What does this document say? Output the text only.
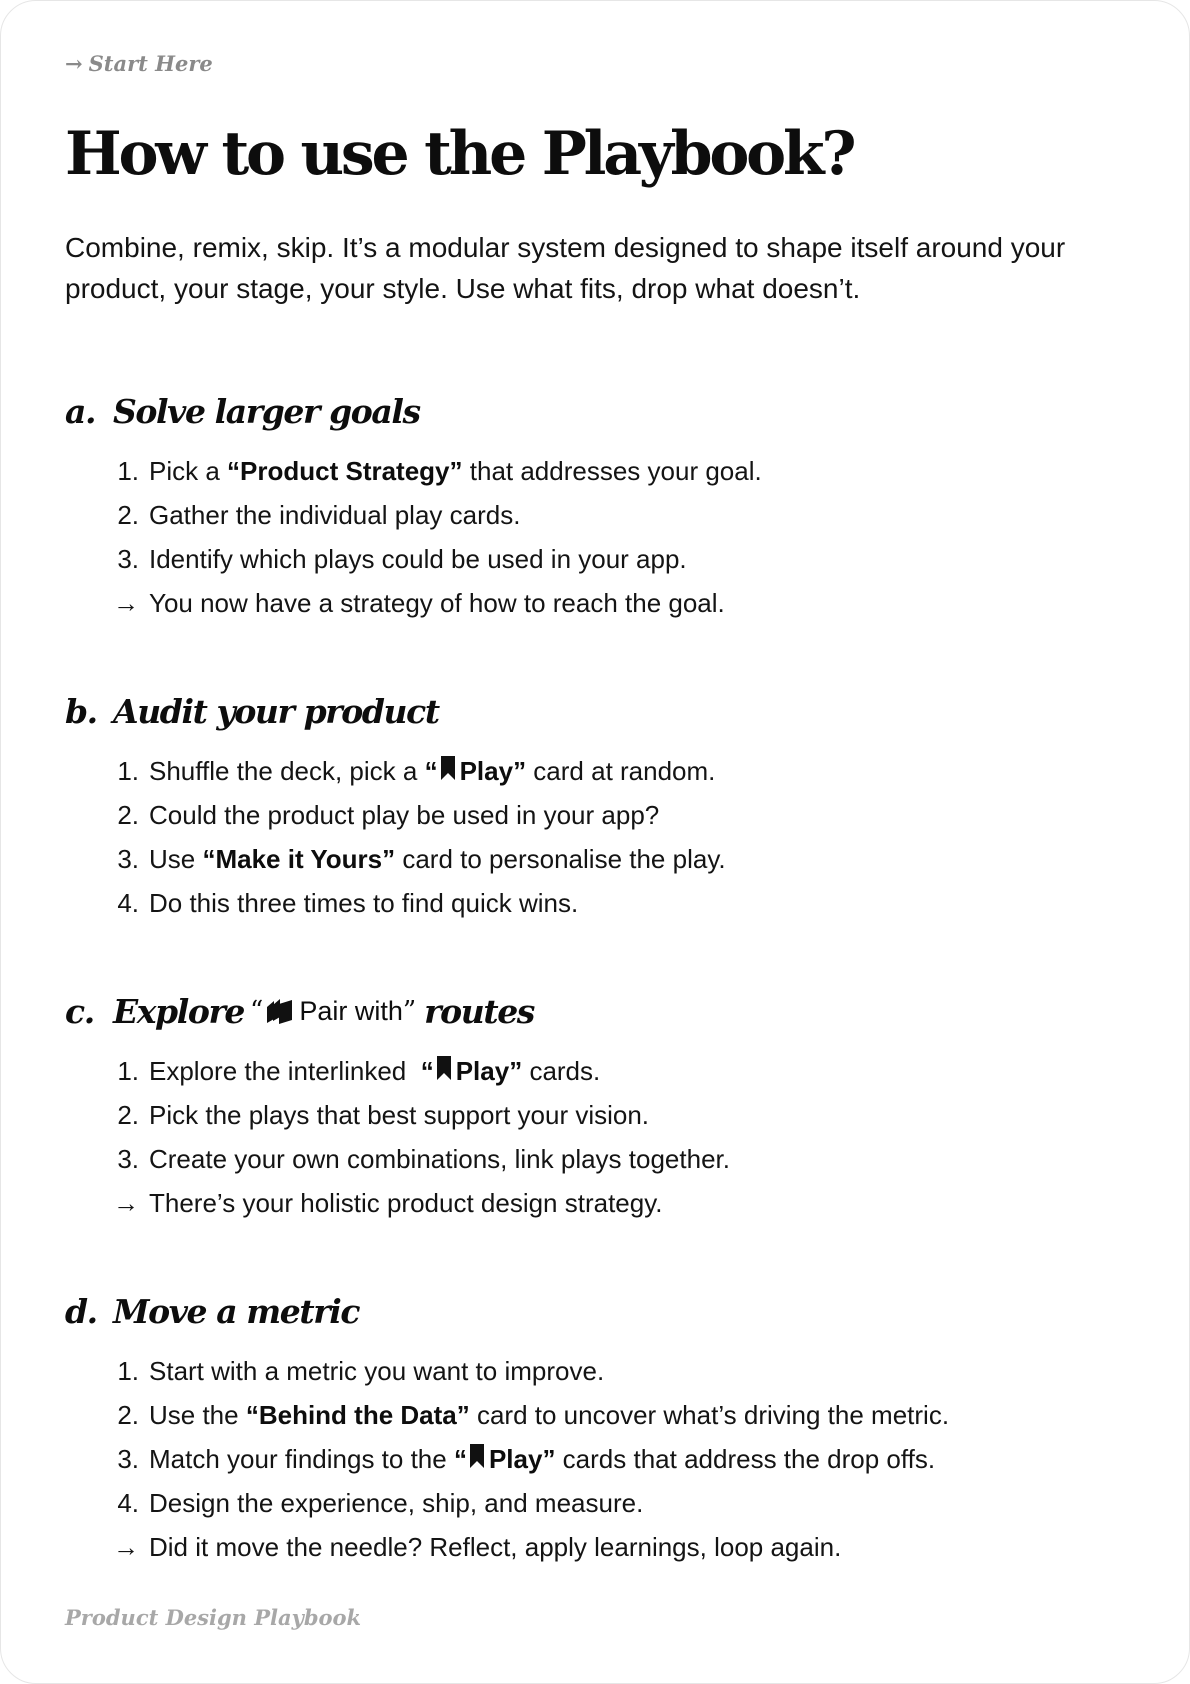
→ Start Here
How to use the Playbook?

Combine, remix, skip. It’s a modular system designed to shape itself around your product, your stage, your style. Use what fits, drop what doesn’t.

a. Solve larger goals
1. Pick a “Product Strategy” that addresses your goal.
2. Gather the individual play cards.
3. Identify which plays could be used in your app.
→ You now have a strategy of how to reach the goal.
b. Audit your product
1. Shuffle the deck, pick a “ Play” card at random.
2. Could the product play be used in your app?
3. Use “Make it Yours” card to personalise the play.
4. Do this three times to find quick wins.
c. Explore “ Pair with ” routes
1. Explore the interlinked  “ Play” cards.
2. Pick the plays that best support your vision.
3. Create your own combinations, link plays together.
→ There’s your holistic product design strategy.
d. Move a metric
1. Start with a metric you want to improve.
2. Use the “Behind the Data” card to uncover what’s driving the metric.
3. Match your findings to the “ Play” cards that address the drop offs.
4. Design the experience, ship, and measure.
→ Did it move the needle? Reflect, apply learnings, loop again.
Product Design Playbook
